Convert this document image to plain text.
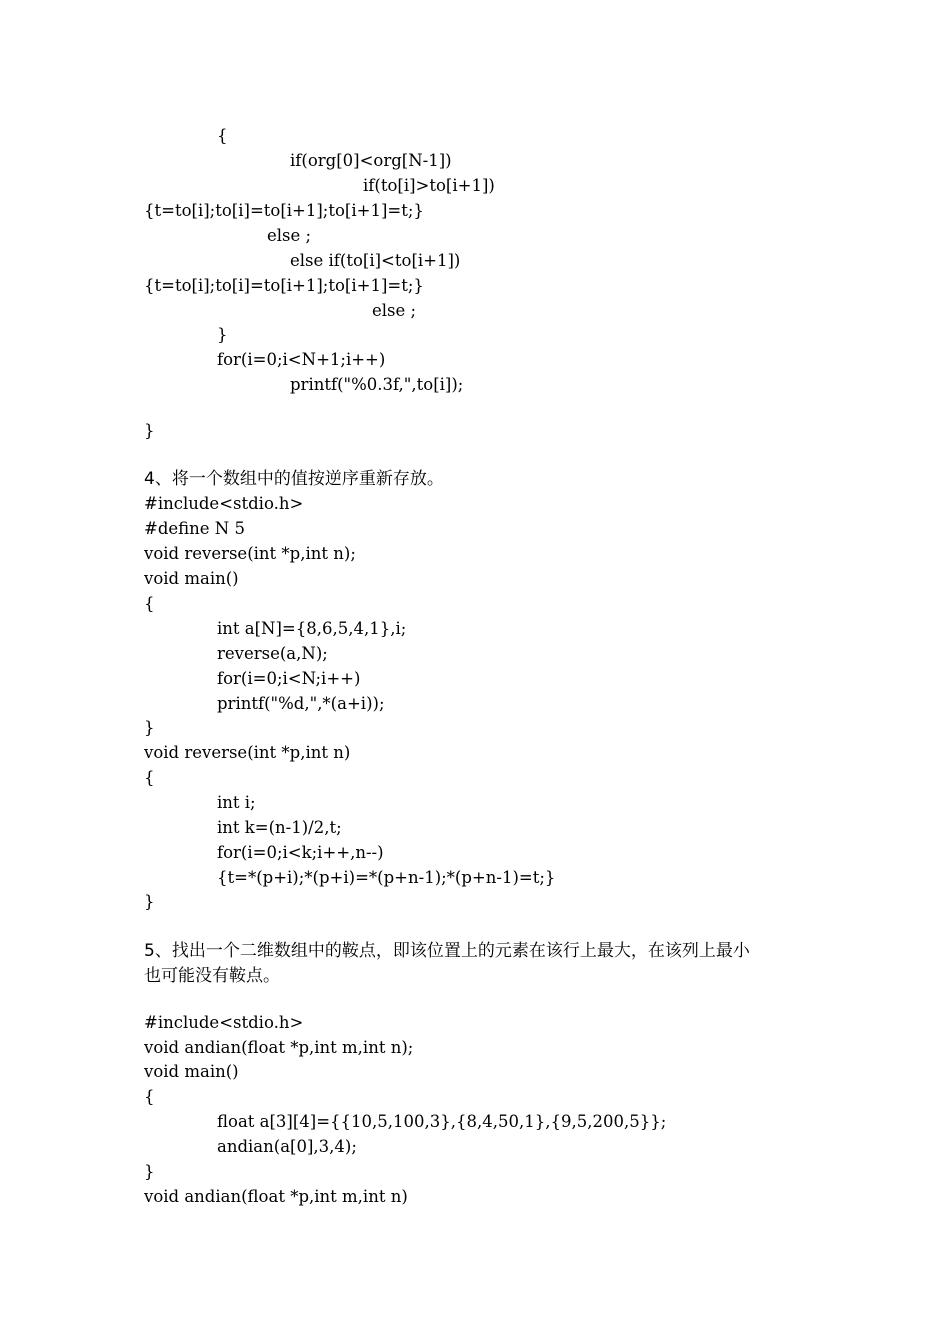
{
if(org[0]<org[N-1])
if(to[i]>to[i+1])
{t=to[i];to[i]=to[i+1];to[i+1]=t;}
else ;
else if(to[i]<to[i+1])
{t=to[i];to[i]=to[i+1];to[i+1]=t;}
else ;
}
for(i=0;i<N+1;i++)
printf("%0.3f,",to[i]);
}
4、将一个数组中的值按逆序重新存放。
#include<stdio.h>
#define N 5
void reverse(int *p,int n);
void main()
{
int a[N]={8,6,5,4,1},i;
reverse(a,N);
for(i=0;i<N;i++)
printf("%d,",*(a+i));
}
void reverse(int *p,int n)
{
int i;
int k=(n-1)/2,t;
for(i=0;i<k;i++,n--)
{t=*(p+i);*(p+i)=*(p+n-1);*(p+n-1)=t;}
}
5、找出一个二维数组中的鞍点，即该位置上的元素在该行上最大，在该列上最小
也可能没有鞍点。
#include<stdio.h>
void andian(float *p,int m,int n);
void main()
{
float a[3][4]={{10,5,100,3},{8,4,50,1},{9,5,200,5}};
andian(a[0],3,4);
}
void andian(float *p,int m,int n)
